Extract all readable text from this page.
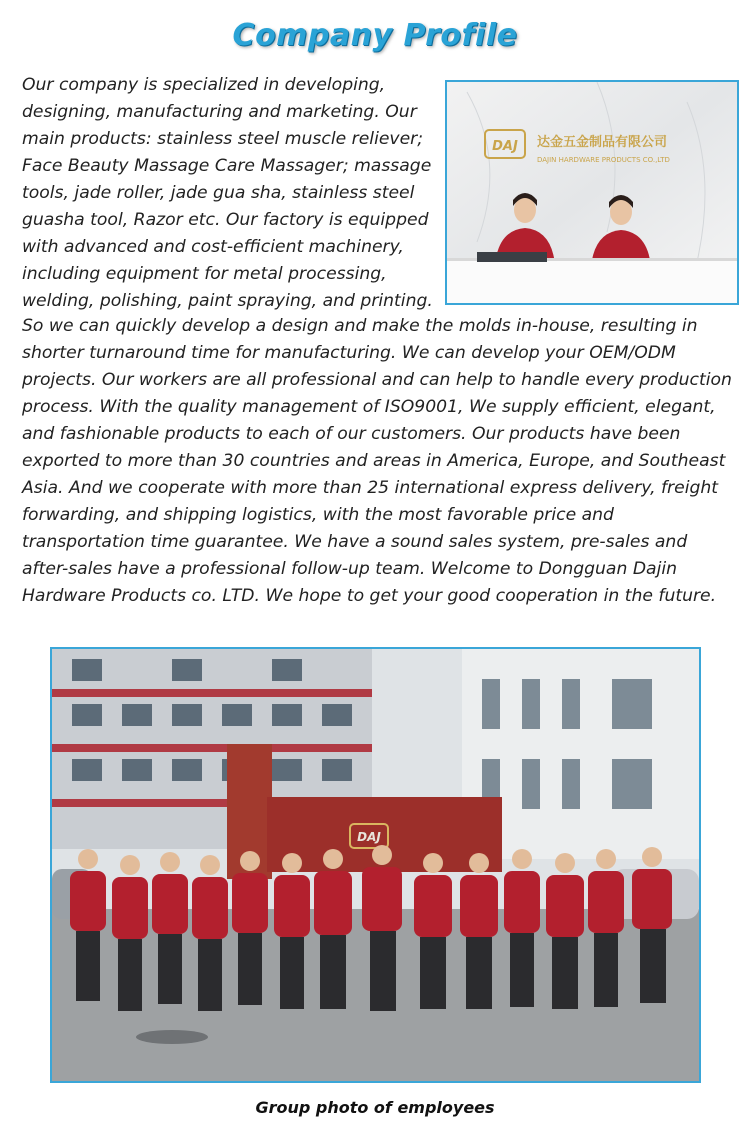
Company Profile

Our company is specialized in developing, designing, manufacturing and marketing. Our main products: stainless steel muscle reliever; Face Beauty Massage Care Massager; massage tools, jade roller, jade gua sha, stainless steel guasha tool, Razor etc. Our factory is equipped with advanced and cost-efficient machinery, including equipment for metal processing, welding, polishing, paint spraying, and printing.

DAJ 达金五金制品有限公司
DAJIN HARDWARE PRODUCTS CO.,LTD

So we can quickly develop a design and make the molds in-house, resulting in shorter turnaround time for manufacturing. We can develop your OEM/ODM projects. Our workers are all professional and can help to handle every production process. With the quality management of ISO9001, We supply efficient, elegant, and fashionable products to each of our customers. Our products have been exported to more than 30 countries and areas in America, Europe, and Southeast Asia. And we cooperate with more than 25 international express delivery, freight forwarding, and shipping logistics, with the most favorable price and transportation time guarantee. We have a sound sales system, pre-sales and after-sales have a professional follow-up team. Welcome to Dongguan Dajin Hardware Products co. LTD. We hope to get your good cooperation in the future.

DAJ
Group photo of employees
